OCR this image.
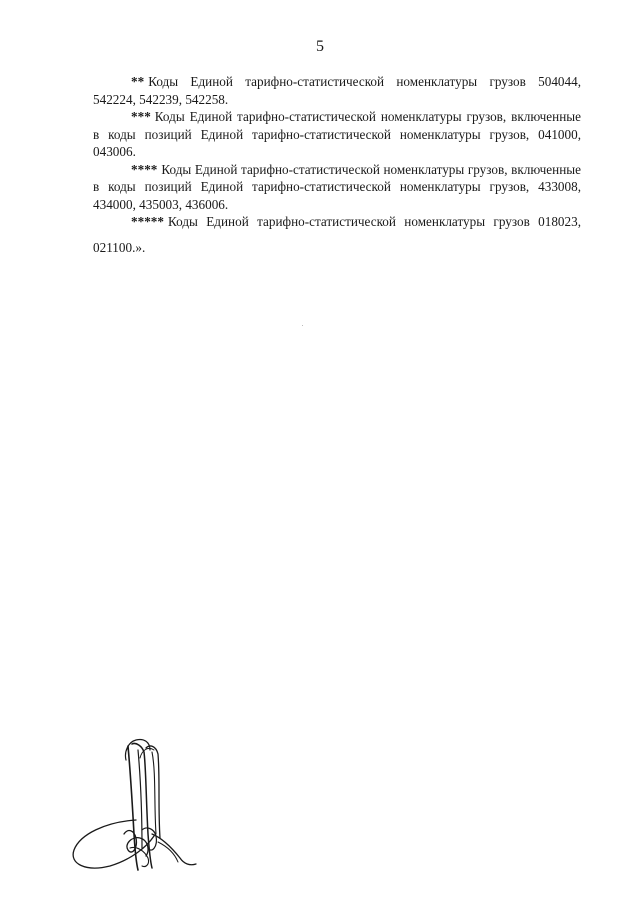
5

** Коды Единой тарифно-статистической номенклатуры грузов 504044, 542224, 542239, 542258.

*** Коды Единой тарифно-статистической номенклатуры грузов, включенные в коды позиций Единой тарифно-статистической номенклатуры грузов, 041000, 043006.

**** Коды Единой тарифно-статистической номенклатуры грузов, включенные в коды позиций Единой тарифно-статистической номенклатуры грузов, 433008, 434000, 435003, 436006.

***** Коды Единой тарифно-статистической номенклатуры грузов 018023, 021100.».
